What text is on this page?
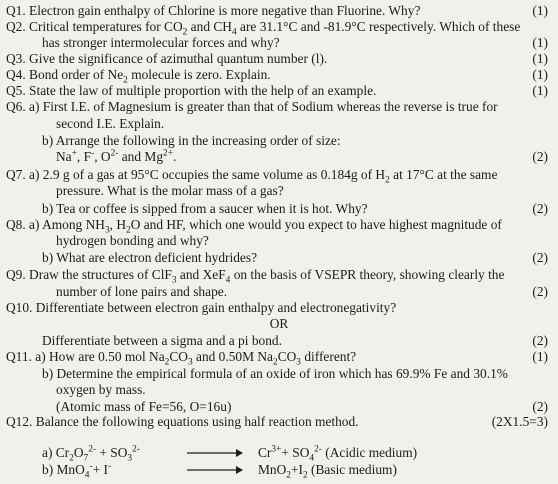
Q1. Electron gain enthalpy of Chlorine is more negative than Fluorine. Why?	(1)
Q2. Critical temperatures for $CO_2$ and $CH_4$ are 31.1°C and -81.9°C respectively. Which of these
has stronger intermolecular forces and why?	(1)
Q3. Give the significance of azimuthal quantum number (l).	(1)
Q4. Bond order of $Ne_2$ molecule is zero. Explain.	(1)
Q5. State the law of multiple proportion with the help of an example.	(1)
Q6. a) First I.E. of Magnesium is greater than that of Sodium whereas the reverse is true for
second I.E. Explain.
b) Arrange the following in the increasing order of size:
Na+, F-, $O^{2-}$ and $Mg^{2+}$.	(2)
Q7. a) 2.9 g of a gas at 95°C occupies the same volume as 0.184g of $H_2$ at 17°C at the same
pressure. What is the molar mass of a gas?
b) Tea or coffee is sipped from a saucer when it is hot. Why?	(2)
Q8. a) Among $NH_3$, $H_2O$ and HF, which one would you expect to have highest magnitude of
hydrogen bonding and why?
b) What are electron deficient hydrides?	(2)
Q9. Draw the structures of ClF$_3$ and XeF$_4$ on the basis of VSEPR theory, showing clearly the
number of lone pairs and shape.	(2)
Q10. Differentiate between electron gain enthalpy and electronegativity?
OR
Differentiate between a sigma and a pi bond.	(2)
Q11. a) How are 0.50 mol $Na_2CO_3$ and 0.50M $Na_2CO_3$ different?	(1)
b) Determine the empirical formula of an oxide of iron which has 69.9% Fe and 30.1%
oxygen by mass.
(Atomic mass of Fe=56, O=16u)	(2)
Q12. Balance the following equations using half reaction method.	(2X1.5=3)
a) $Cr_2O_7^{2-} + SO_3^{2-}$	$Cr^{3+}+ SO_4^{2-}$ (Acidic medium)
b) MnO$_4$-+ I-	$MnO_2+I_2$ (Basic medium)
